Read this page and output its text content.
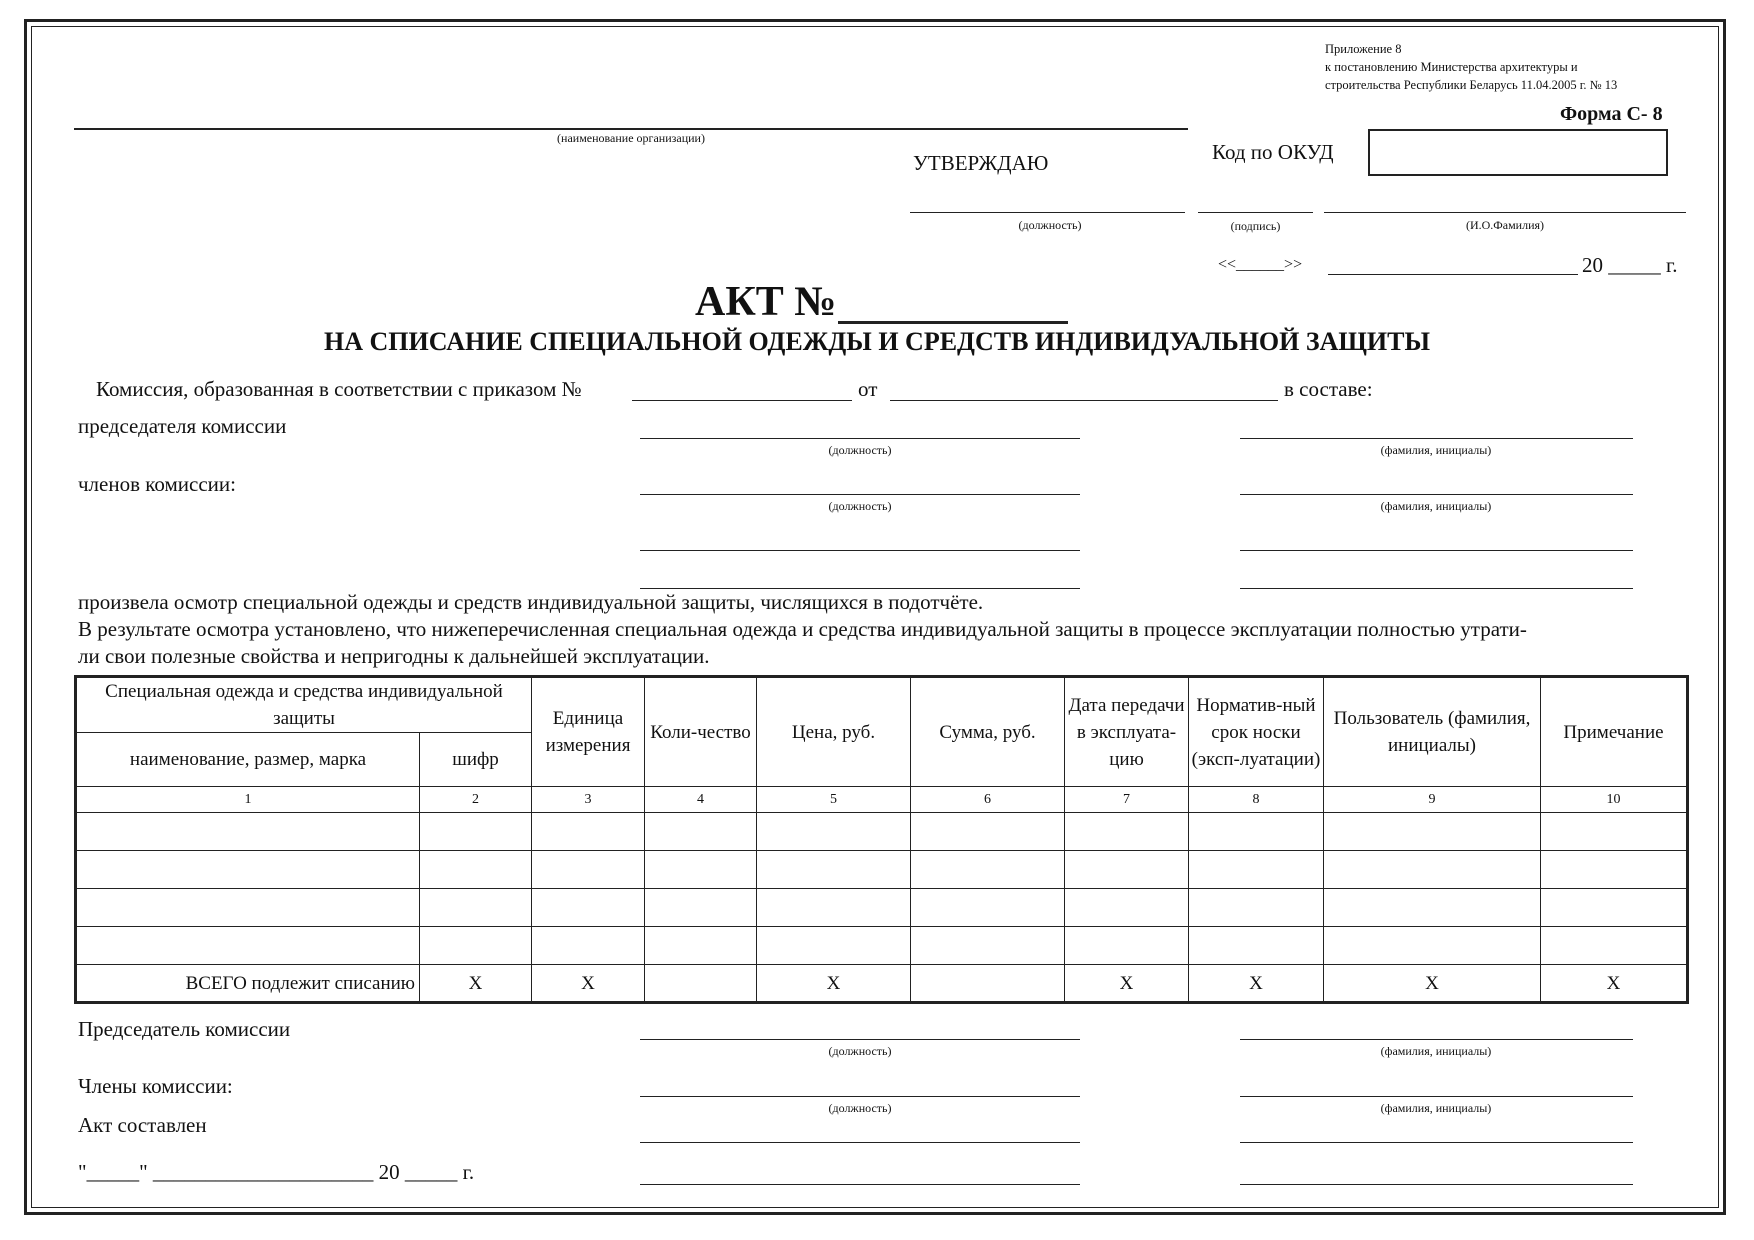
Приложение 8
к постановлению Министерства архитектуры и
строительства Республики Беларусь 11.04.2005 г. № 13
Форма С- 8
(наименование организации)
УТВЕРЖДАЮ	Код по ОКУД
(должность)	(подпись)	(И.О.Фамилия)
<<______>>	20 _____ г.
АКТ №
НА СПИСАНИЕ СПЕЦИАЛЬНОЙ ОДЕЖДЫ И СРЕДСТВ ИНДИВИДУАЛЬНОЙ ЗАЩИТЫ
Комиссия, образованная в соответствии с приказом №	от	в составе:
председателя комиссии
(должность)	(фамилия, инициалы)
членов комиссии:
(должность)	(фамилия, инициалы)
произвела осмотр специальной одежды и средств индивидуальной защиты, числящихся в подотчёте.
В результате осмотра установлено, что нижеперечисленная специальная одежда и средства индивидуальной защиты в процессе эксплуатации полностью утрати-
ли свои полезные свойства и непригодны к дальнейшей эксплуатации.
Специальная одежда и средства индивидуальной защиты		Единица измерения	Коли-чество	Цена, руб.	Сумма, руб.	Дата передачи в эксплуата-цию	Норматив-ный срок носки (эксп-луатации)	Пользователь (фамилия, инициалы)	Примечание
наименование, размер, марка	шифр								
1	2	3	4	5	6	7	8	9	10

ВСЕГО подлежит списанию	X	X		X		X	X	X	X
Председатель комиссии
(должность)	(фамилия, инициалы)
Члены комиссии:
(должность)	(фамилия, инициалы)
Акт составлен
"_____" _____________________ 20 _____ г.
